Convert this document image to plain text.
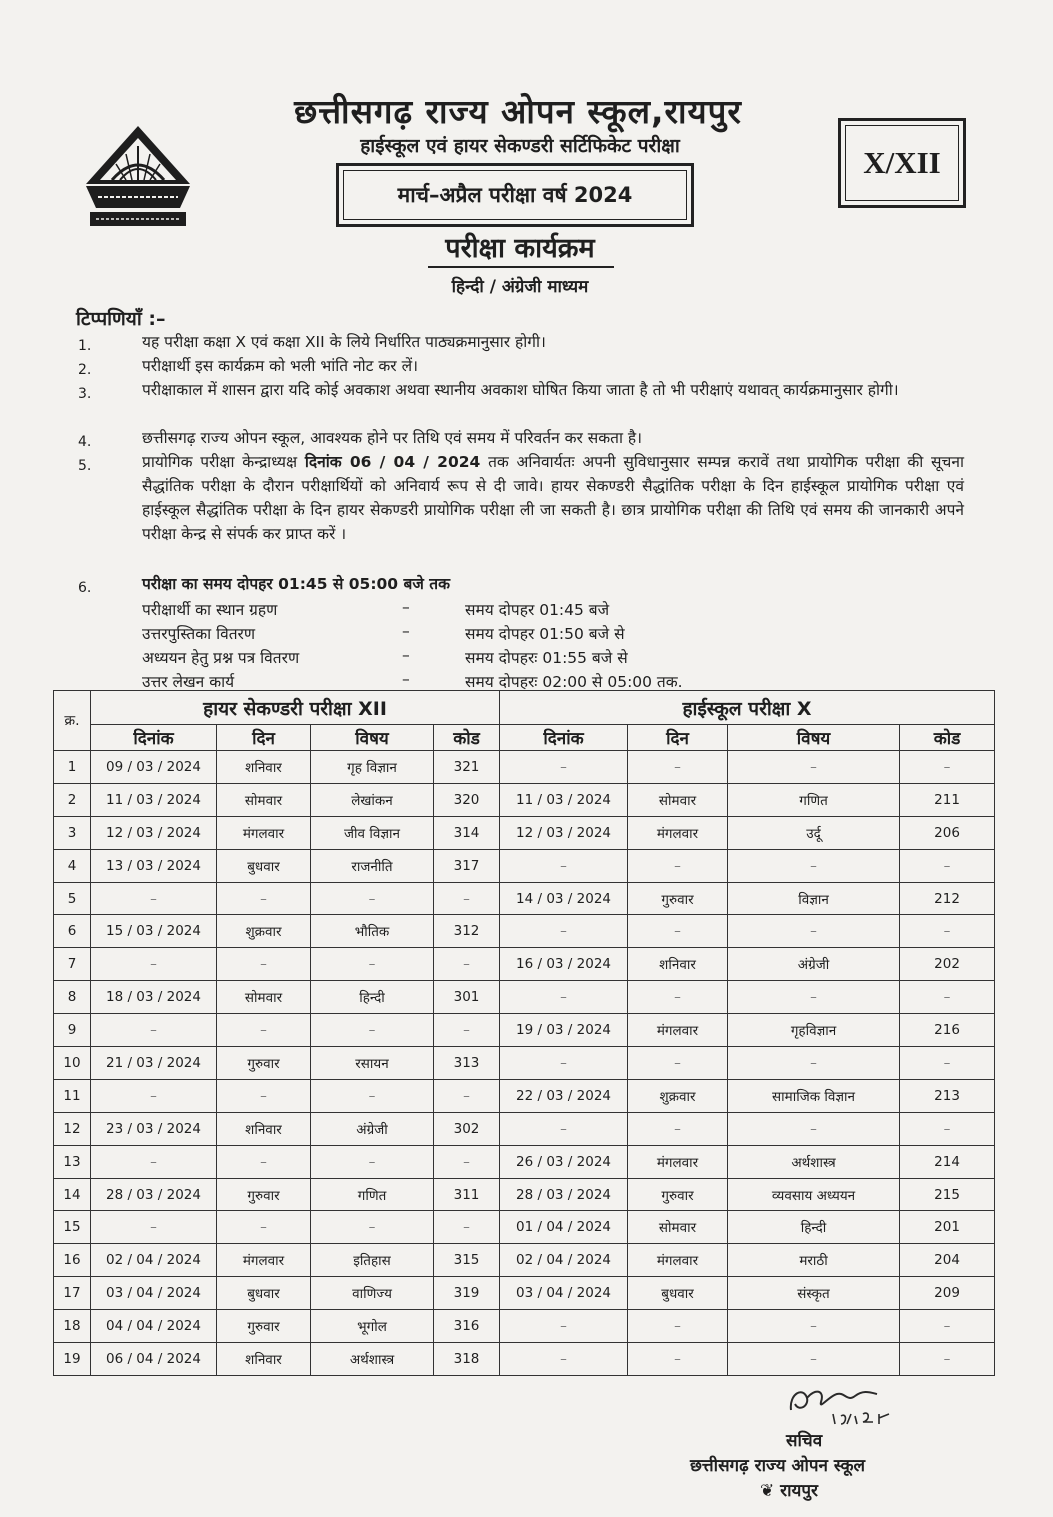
छत्तीसगढ़ राज्य ओपन स्कूल,रायपुर
हाईस्कूल एवं हायर सेकण्डरी सर्टिफिकेट परीक्षा
मार्च–अप्रैल परीक्षा वर्ष 2024
X/XII
परीक्षा कार्यक्रम
हिन्दी / अंग्रेजी माध्यम
टिप्पणियाँ :–
1.	यह परीक्षा कक्षा X एवं कक्षा XII के लिये निर्धारित पाठ्यक्रमानुसार होगी।
2.	परीक्षार्थी इस कार्यक्रम को भली भांति नोट कर लें।
3.	परीक्षाकाल में शासन द्वारा यदि कोई अवकाश अथवा स्थानीय अवकाश घोषित किया जाता है तो भी परीक्षाएं यथावत् कार्यक्रमानुसार होगी।
4.	छत्तीसगढ़ राज्य ओपन स्कूल, आवश्यक होने पर तिथि एवं समय में परिवर्तन कर सकता है।
5.	प्रायोगिक परीक्षा केन्द्राध्यक्ष दिनांक 06 / 04 / 2024 तक अनिवार्यतः अपनी सुविधानुसार सम्पन्न करावें तथा प्रायोगिक परीक्षा की सूचना सैद्धांतिक परीक्षा के दौरान परीक्षार्थियों को अनिवार्य रूप से दी जावे। हायर सेकण्डरी सैद्धांतिक परीक्षा के दिन हाईस्कूल प्रायोगिक परीक्षा एवं हाईस्कूल सैद्धांतिक परीक्षा के दिन हायर सेकण्डरी प्रायोगिक परीक्षा ली जा सकती है। छात्र प्रायोगिक परीक्षा की तिथि एवं समय की जानकारी अपने परीक्षा केन्द्र से संपर्क कर प्राप्त करें ।
6.	परीक्षा का समय दोपहर 01:45 से 05:00 बजे तक
परीक्षार्थी का स्थान ग्रहण	–	समय दोपहर 01:45 बजे
उत्तरपुस्तिका वितरण	–	समय दोपहर 01:50 बजे से
अध्ययन हेतु प्रश्न पत्र वितरण	–	समय दोपहरः 01:55 बजे से
उत्तर लेखन कार्य	–	समय दोपहरः 02:00 से 05:00 तक.
क्र.	हायर सेकण्डरी परीक्षा XII				हाईस्कूल परीक्षा X			
	दिनांक	दिन	विषय	कोड	दिनांक	दिन	विषय	कोड
1	09 / 03 / 2024	शनिवार	गृह विज्ञान	321	–	–	–	–
2	11 / 03 / 2024	सोमवार	लेखांकन	320	11 / 03 / 2024	सोमवार	गणित	211
3	12 / 03 / 2024	मंगलवार	जीव विज्ञान	314	12 / 03 / 2024	मंगलवार	उर्दू	206
4	13 / 03 / 2024	बुधवार	राजनीति	317	–	–	–	–
5	–	–	–	–	14 / 03 / 2024	गुरुवार	विज्ञान	212
6	15 / 03 / 2024	शुक्रवार	भौतिक	312	–	–	–	–
7	–	–	–	–	16 / 03 / 2024	शनिवार	अंग्रेजी	202
8	18 / 03 / 2024	सोमवार	हिन्दी	301	–	–	–	–
9	–	–	–	–	19 / 03 / 2024	मंगलवार	गृहविज्ञान	216
10	21 / 03 / 2024	गुरुवार	रसायन	313	–	–	–	–
11	–	–	–	–	22 / 03 / 2024	शुक्रवार	सामाजिक विज्ञान	213
12	23 / 03 / 2024	शनिवार	अंग्रेजी	302	–	–	–	–
13	–	–	–	–	26 / 03 / 2024	मंगलवार	अर्थशास्त्र	214
14	28 / 03 / 2024	गुरुवार	गणित	311	28 / 03 / 2024	गुरुवार	व्यवसाय अध्ययन	215
15	–	–	–	–	01 / 04 / 2024	सोमवार	हिन्दी	201
16	02 / 04 / 2024	मंगलवार	इतिहास	315	02 / 04 / 2024	मंगलवार	मराठी	204
17	03 / 04 / 2024	बुधवार	वाणिज्य	319	03 / 04 / 2024	बुधवार	संस्कृत	209
18	04 / 04 / 2024	गुरुवार	भूगोल	316	–	–	–	–
19	06 / 04 / 2024	शनिवार	अर्थशास्त्र	318	–	–	–	–
सचिव
छत्तीसगढ़ राज्य ओपन स्कूल
❦ रायपुर
